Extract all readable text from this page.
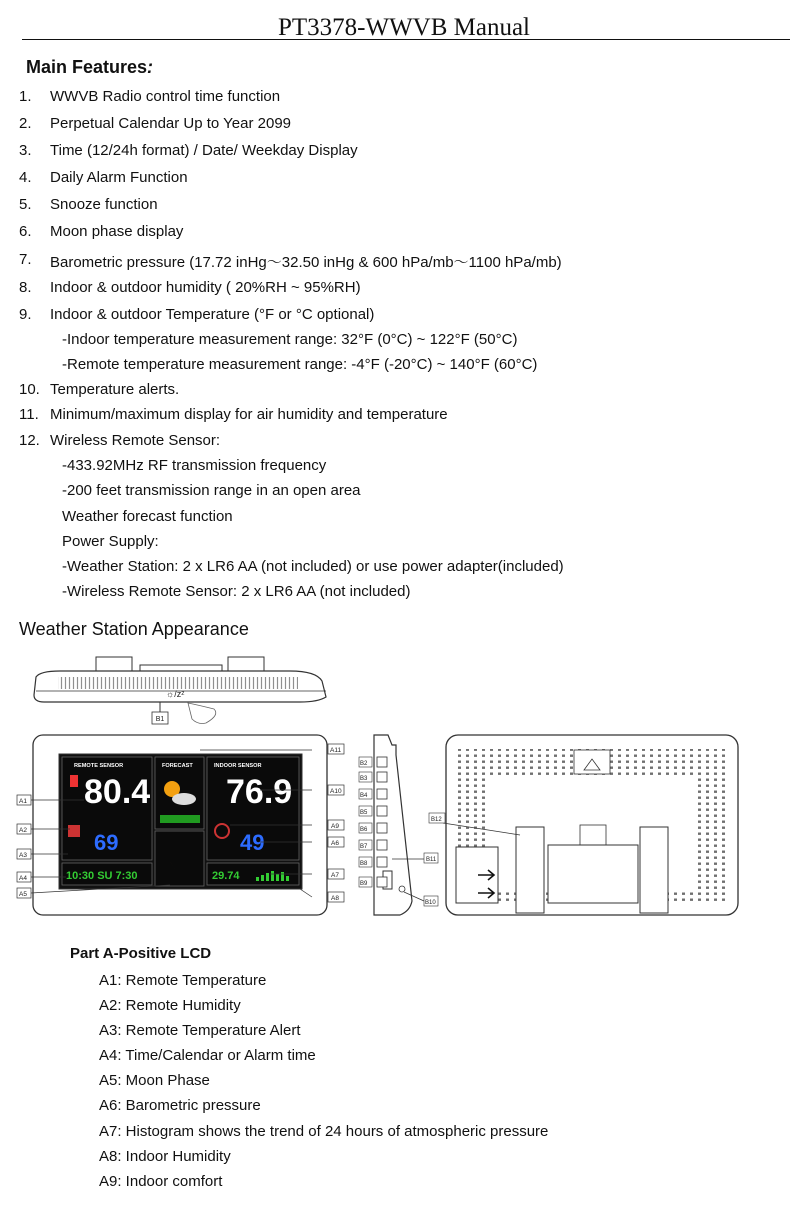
PT3378-WWVB Manual
Main Features:
1. WWVB Radio control time function
2. Perpetual Calendar Up to Year 2099
3. Time (12/24h format) / Date/ Weekday Display
4. Daily Alarm Function
5. Snooze function
6. Moon phase display
7. Barometric pressure (17.72 inHg～32.50 inHg & 600 hPa/mb～1100 hPa/mb)
8. Indoor & outdoor humidity ( 20%RH ~ 95%RH)
9. Indoor & outdoor Temperature (°F or °C optional)
-Indoor temperature measurement range: 32°F (0°C) ~ 122°F (50°C)
-Remote temperature measurement range: -4°F (-20°C) ~ 140°F (60°C)
10. Temperature alerts.
11. Minimum/maximum display for air humidity and temperature
12. Wireless Remote Sensor:
-433.92MHz RF transmission frequency
-200 feet transmission range in an open area
Weather forecast function
Power Supply:
-Weather Station: 2 x LR6 AA (not included) or use power adapter(included)
-Wireless Remote Sensor: 2 x LR6 AA (not included)
Weather Station Appearance
☼/zᶻ
B1
REMOTE SENSOR
80.4
69
FORECAST	INDOOR SENSOR
76.9
49
10:30 SU 7:30	29.74
A1
A2
A3
A4
A5
A11
A10
A9
A6
A7
A8
B2
B3
B4
B5
B6
B7
B8
B9
B11
B10
B12
Part A-Positive LCD
A1: Remote Temperature
A2: Remote Humidity
A3: Remote Temperature Alert
A4: Time/Calendar or Alarm time
A5: Moon Phase
A6: Barometric pressure
A7: Histogram shows the trend of 24 hours of atmospheric pressure
A8: Indoor Humidity
A9: Indoor comfort
